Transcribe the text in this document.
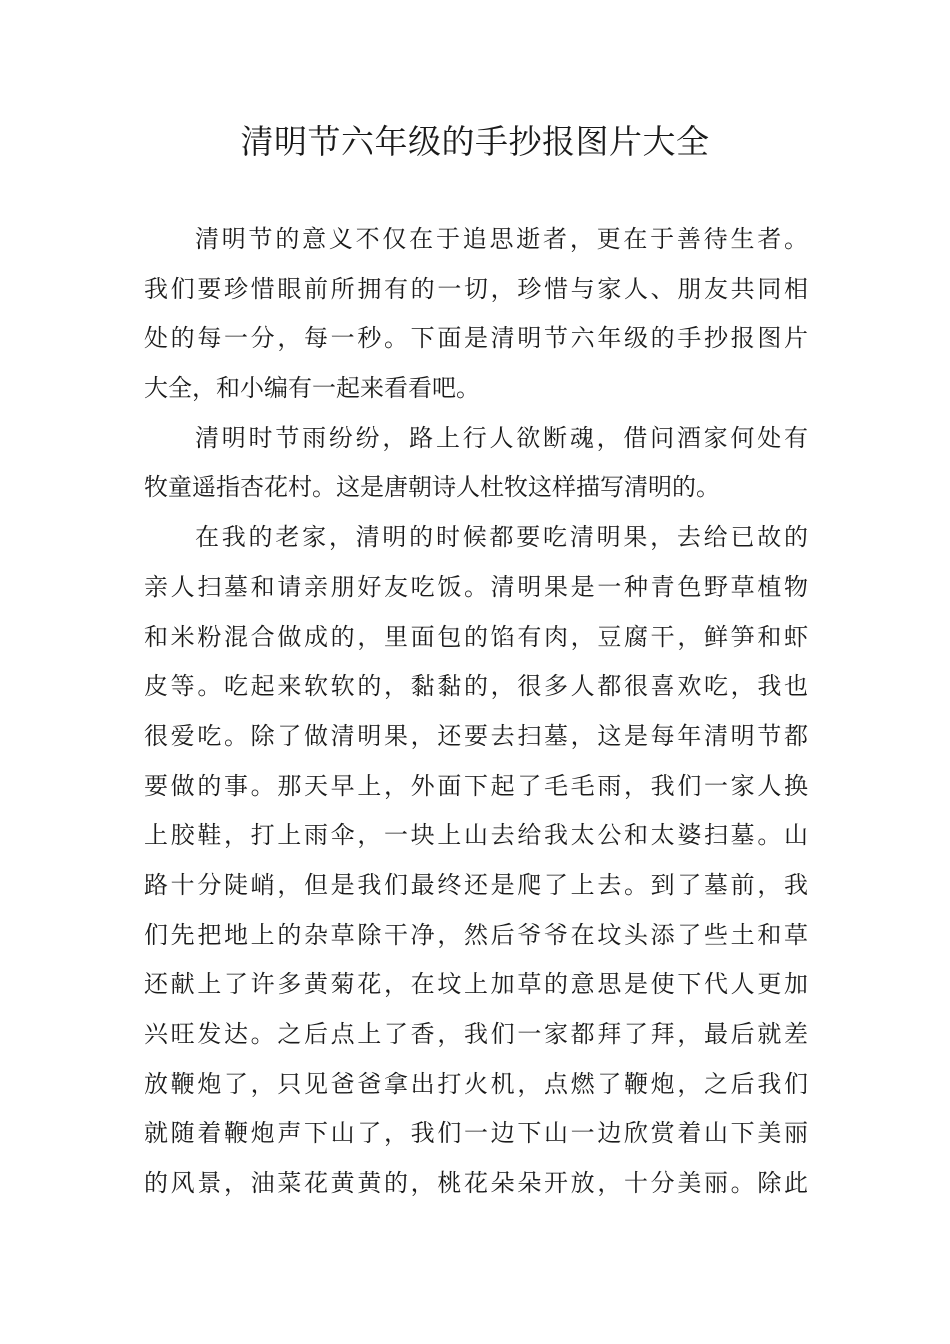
清明节六年级的手抄报图片大全
清明节的意义不仅在于追思逝者，更在于善待生者。
我们要珍惜眼前所拥有的一切，珍惜与家人、朋友共同相
处的每一分，每一秒。下面是清明节六年级的手抄报图片
大全，和小编有一起来看看吧。
清明时节雨纷纷，路上行人欲断魂，借问酒家何处有
牧童遥指杏花村。这是唐朝诗人杜牧这样描写清明的。
在我的老家，清明的时候都要吃清明果，去给已故的
亲人扫墓和请亲朋好友吃饭。清明果是一种青色野草植物
和米粉混合做成的，里面包的馅有肉，豆腐干，鲜笋和虾
皮等。吃起来软软的，黏黏的，很多人都很喜欢吃，我也
很爱吃。除了做清明果，还要去扫墓，这是每年清明节都
要做的事。那天早上，外面下起了毛毛雨，我们一家人换
上胶鞋，打上雨伞，一块上山去给我太公和太婆扫墓。山
路十分陡峭，但是我们最终还是爬了上去。到了墓前，我
们先把地上的杂草除干净，然后爷爷在坟头添了些土和草
还献上了许多黄菊花，在坟上加草的意思是使下代人更加
兴旺发达。之后点上了香，我们一家都拜了拜，最后就差
放鞭炮了，只见爸爸拿出打火机，点燃了鞭炮，之后我们
就随着鞭炮声下山了，我们一边下山一边欣赏着山下美丽
的风景，油菜花黄黄的，桃花朵朵开放，十分美丽。除此
